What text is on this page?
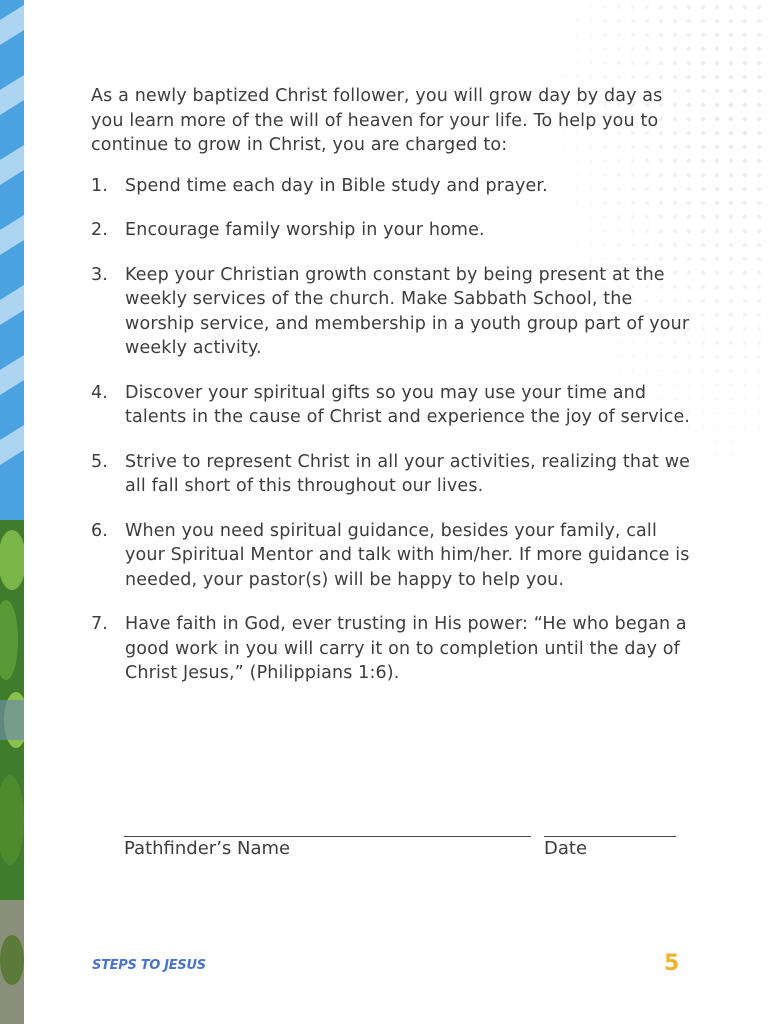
As a newly baptized Christ follower, you will grow day by day as you learn more of the will of heaven for your life. To help you to continue to grow in Christ, you are charged to:

1. Spend time each day in Bible study and prayer.
2. Encourage family worship in your home.
3. Keep your Christian growth constant by being present at the weekly services of the church. Make Sabbath School, the worship service, and membership in a youth group part of your weekly activity.
4. Discover your spiritual gifts so you may use your time and talents in the cause of Christ and experience the joy of service.
5. Strive to represent Christ in all your activities, realizing that we all fall short of this throughout our lives.
6. When you need spiritual guidance, besides your family, call your Spiritual Mentor and talk with him/her. If more guidance is needed, your pastor(s) will be happy to help you.
7. Have faith in God, ever trusting in His power: “He who began a good work in you will carry it on to completion until the day of Christ Jesus,” (Philippians 1:6).
Pathfinder’s Name	Date
STEPS TO JESUS	5
